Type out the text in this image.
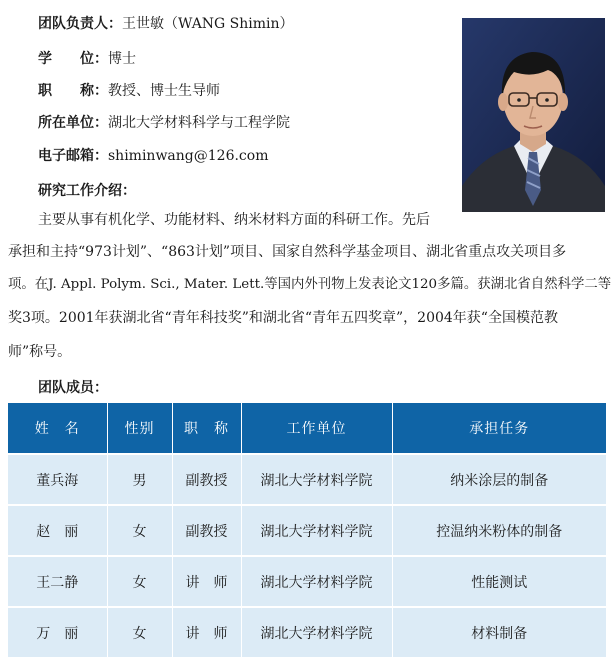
团队负责人：王世敏（WANG Shimin）
学　　位：博士
职　　称：教授、博士生导师
所在单位：湖北大学材料科学与工程学院
电子邮箱：shiminwang@126.com
研究工作介绍：
主要从事有机化学、功能材料、纳米材料方面的科研工作。先后
承担和主持“973计划”、“863计划”项目、国家自然科学基金项目、湖北省重点攻关项目多
项。在J. Appl. Polym. Sci., Mater. Lett.等国内外刊物上发表论文120多篇。获湖北省自然科学二等
奖3项。2001年获湖北省“青年科技奖”和湖北省“青年五四奖章”，2004年获“全国模范教
师”称号。
团队成员：
姓　名	性别	职　称	工作单位	承担任务
董兵海	男	副教授	湖北大学材料学院	纳米涂层的制备
赵　丽	女	副教授	湖北大学材料学院	控温纳米粉体的制备
王二静	女	讲　师	湖北大学材料学院	性能测试
万　丽	女	讲　师	湖北大学材料学院	材料制备
